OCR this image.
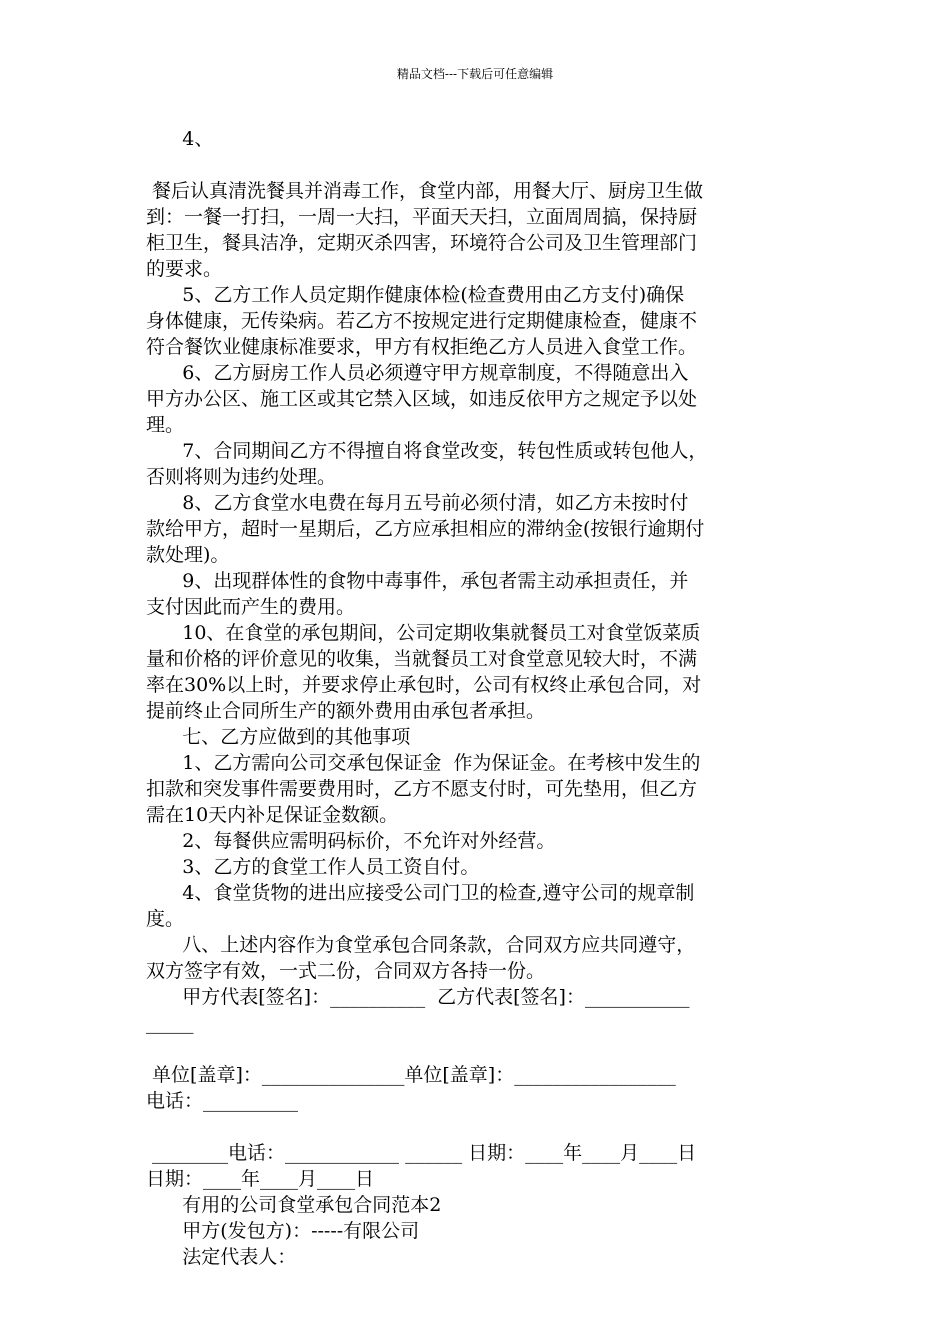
精品文档---下载后可任意编辑
4、
餐后认真清洗餐具并消毒工作，食堂内部，用餐大厅、厨房卫生做
到：一餐一打扫，一周一大扫，平面天天扫，立面周周搞，保持厨
柜卫生，餐具洁净，定期灭杀四害，环境符合公司及卫生管理部门
的要求。
5、乙方工作人员定期作健康体检(检查费用由乙方支付)确保
身体健康，无传染病。若乙方不按规定进行定期健康检查，健康不
符合餐饮业健康标准要求，甲方有权拒绝乙方人员进入食堂工作。
6、乙方厨房工作人员必须遵守甲方规章制度，不得随意出入
甲方办公区、施工区或其它禁入区域，如违反依甲方之规定予以处
理。
7、合同期间乙方不得擅自将食堂改变，转包性质或转包他人，
否则将则为违约处理。
8、乙方食堂水电费在每月五号前必须付清，如乙方未按时付
款给甲方，超时一星期后，乙方应承担相应的滞纳金(按银行逾期付
款处理)。
9、出现群体性的食物中毒事件，承包者需主动承担责任，并
支付因此而产生的费用。
10、在食堂的承包期间，公司定期收集就餐员工对食堂饭菜质
量和价格的评价意见的收集，当就餐员工对食堂意见较大时，不满
率在30%以上时，并要求停止承包时，公司有权终止承包合同，对
提前终止合同所生产的额外费用由承包者承担。
七、乙方应做到的其他事项
1、乙方需向公司交承包保证金  作为保证金。在考核中发生的
扣款和突发事件需要费用时，乙方不愿支付时，可先垫用，但乙方
需在10天内补足保证金数额。
2、每餐供应需明码标价，不允许对外经营。
3、乙方的食堂工作人员工资自付。
4、食堂货物的进出应接受公司门卫的检查,遵守公司的规章制
度。
八、上述内容作为食堂承包合同条款，合同双方应共同遵守，
双方签字有效，一式二份，合同双方各持一份。
甲方代表[签名]：__________  乙方代表[签名]：___________
_____
单位[盖章]：_______________单位[盖章]：_________________
电话：__________
________电话：____________ ______ 日期：____年____月____日
日期：____年____月____日
有用的公司食堂承包合同范本2
甲方(发包方)：-----有限公司
法定代表人：
